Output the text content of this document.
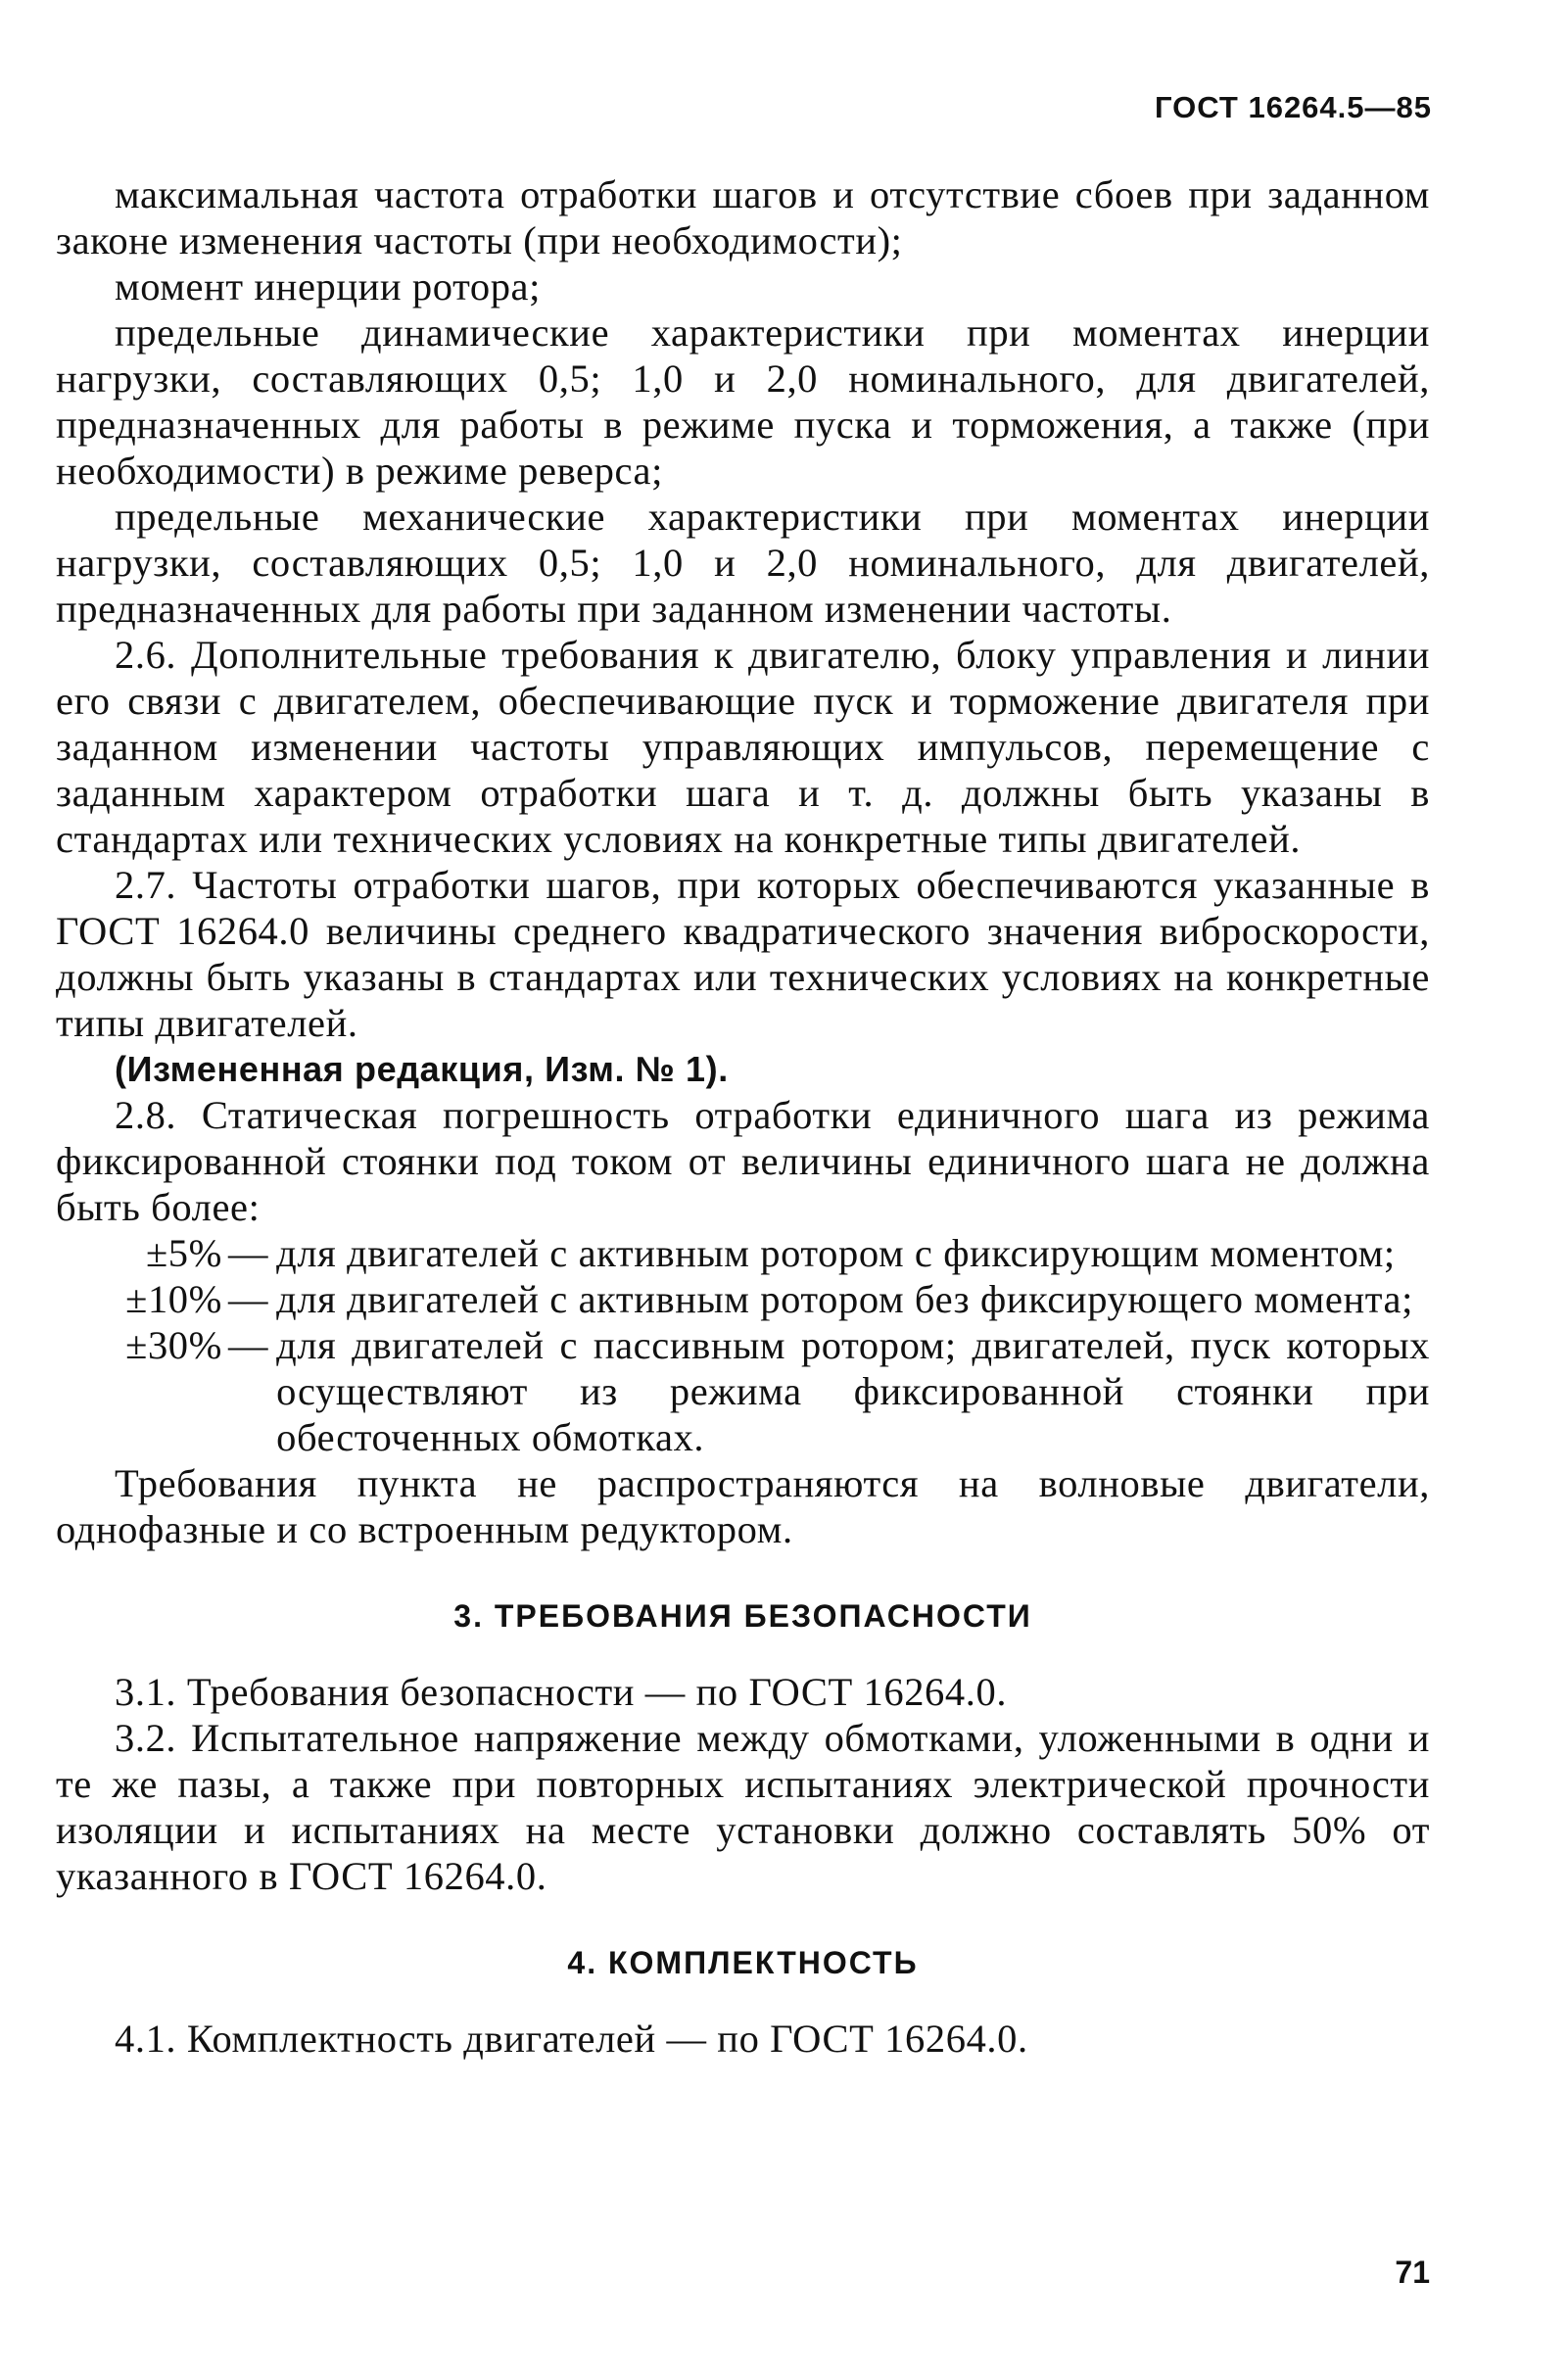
ГОСТ 16264.5—85

максимальная частота отработки шагов и отсутствие сбоев при заданном законе изменения частоты (при необходимости);

момент инерции ротора;

предельные динамические характеристики при моментах инерции нагрузки, составляющих 0,5; 1,0 и 2,0 номинального, для двигателей, предназначенных для работы в режиме пуска и торможения, а также (при необходимости) в режиме реверса;

предельные механические характеристики при моментах инерции нагрузки, составляющих 0,5; 1,0 и 2,0 номинального, для двигателей, предназначенных для работы при заданном изменении частоты.

2.6. Дополнительные требования к двигателю, блоку управления и линии его связи с двигателем, обеспечивающие пуск и торможение двигателя при заданном изменении частоты управляющих импульсов, перемещение с заданным характером отработки шага и т. д. должны быть указаны в стандартах или технических условиях на конкретные типы двигателей.

2.7. Частоты отработки шагов, при которых обеспечиваются указанные в ГОСТ 16264.0 величины среднего квадратического значения виброскорости, должны быть указаны в стандартах или технических условиях на конкретные типы двигателей.

(Измененная редакция, Изм. № 1).

2.8. Статическая погрешность отработки единичного шага из режима фиксированной стоянки под током от величины единичного шага не должна быть более:

±5% — для двигателей с активным ротором с фиксирующим моментом;
±10% — для двигателей с активным ротором без фиксирующего момента;
±30% — для двигателей с пассивным ротором; двигателей, пуск которых осуществляют из режима фиксированной стоянки при обесточенных обмотках.

Требования пункта не распространяются на волновые двигатели, однофазные и со встроенным редуктором.

3. ТРЕБОВАНИЯ БЕЗОПАСНОСТИ

3.1. Требования безопасности — по ГОСТ 16264.0.

3.2. Испытательное напряжение между обмотками, уложенными в одни и те же пазы, а также при повторных испытаниях электрической прочности изоляции и испытаниях на месте установки должно составлять 50% от указанного в ГОСТ 16264.0.

4. КОМПЛЕКТНОСТЬ

4.1. Комплектность двигателей — по ГОСТ 16264.0.

71
